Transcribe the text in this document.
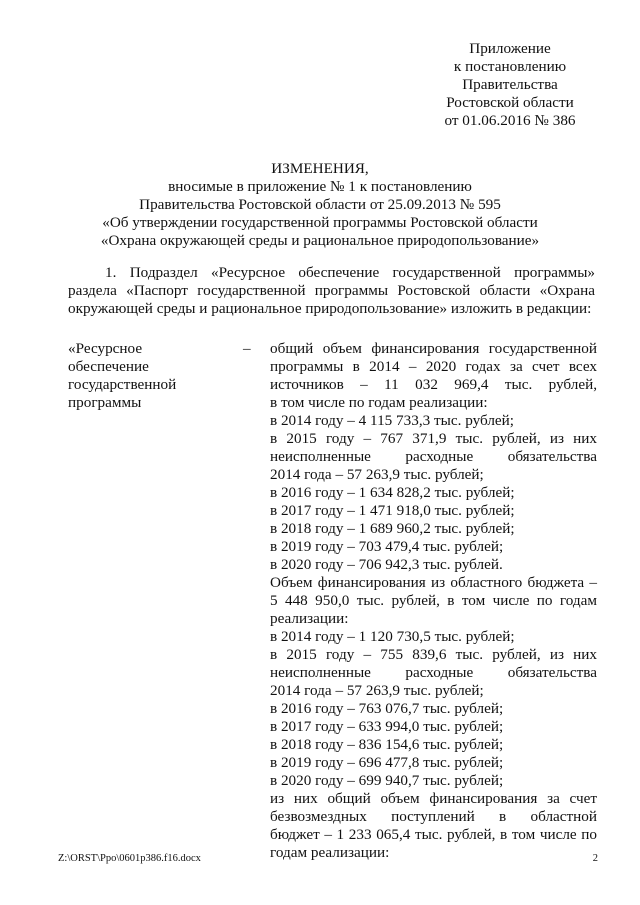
Приложение
к постановлению
Правительства
Ростовской области
от 01.06.2016 № 386
ИЗМЕНЕНИЯ,
вносимые в приложение № 1 к постановлению
Правительства Ростовской области от 25.09.2013 № 595
«Об утверждении государственной программы Ростовской области
«Охрана окружающей среды и рациональное природопользование»
1. Подраздел «Ресурсное обеспечение государственной программы» раздела «Паспорт государственной программы Ростовской области «Охрана окружающей среды и рациональное природопользование» изложить в редакции:
«Ресурсное
обеспечение
государственной
программы
– общий объем финансирования государственной
программы в 2014 – 2020 годах за счет всех
источников – 11 032 969,4 тыс. рублей,
в том числе по годам реализации:
в 2014 году – 4 115 733,3 тыс. рублей;
в 2015 году – 767 371,9 тыс. рублей, из них
неисполненные расходные обязательства
2014 года – 57 263,9 тыс. рублей;
в 2016 году – 1 634 828,2 тыс. рублей;
в 2017 году – 1 471 918,0 тыс. рублей;
в 2018 году – 1 689 960,2 тыс. рублей;
в 2019 году – 703 479,4 тыс. рублей;
в 2020 году – 706 942,3 тыс. рублей.
Объем финансирования из областного бюджета –
5 448 950,0 тыс. рублей, в том числе по годам
реализации:
в 2014 году – 1 120 730,5 тыс. рублей;
в 2015 году – 755 839,6 тыс. рублей, из них
неисполненные расходные обязательства
2014 года – 57 263,9 тыс. рублей;
в 2016 году – 763 076,7 тыс. рублей;
в 2017 году – 633 994,0 тыс. рублей;
в 2018 году – 836 154,6 тыс. рублей;
в 2019 году – 696 477,8 тыс. рублей;
в 2020 году – 699 940,7 тыс. рублей;
из них общий объем финансирования за счет
безвозмездных поступлений в областной
бюджет – 1 233 065,4 тыс. рублей, в том числе по
годам реализации:
Z:\ORST\Ppo\0601p386.f16.docx	2
